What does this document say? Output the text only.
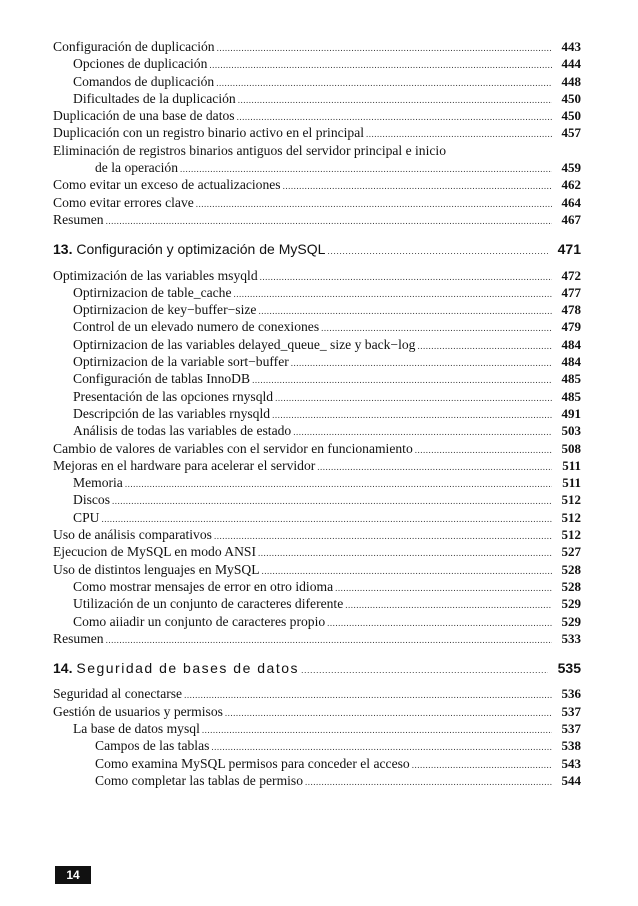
Configuración de duplicación .....	443
Opciones de duplicación .....	444
Comandos de duplicación .....	448
Dificultades de la duplicación .....	450
Duplicación de una base de datos .....	450
Duplicación con un registro binario activo en el principal .....	457
Eliminación de registros binarios antiguos del servidor principal e inicio
de la operación .....	459
Como evitar un exceso de actualizaciones .....	462
Como evitar errores clave .....	464
Resumen .....	467
13. Configuración y optimización de MySQL .....	471
Optimización de las variables msyqld .....	472
Optirnizacion de table_cache .....	477
Optirnizacion de key−buffer−size .....	478
Control de un elevado numero de conexiones .....	479
Optirnizacion de las variables delayed_queue_ size y back−log .....	484
Optirnizacion de la variable sort−buffer .....	484
Configuración de tablas InnoDB .....	485
Presentación de las opciones rnysqld .....	485
Descripción de las variables rnysqld .....	491
Análisis de todas las variables de estado .....	503
Cambio de valores de variables con el servidor en funcionamiento .....	508
Mejoras en el hardware para acelerar el servidor .....	511
Memoria .....	511
Discos .....	512
CPU .....	512
Uso de análisis comparativos .....	512
Ejecucion de MySQL en modo ANSI .....	527
Uso de distintos lenguajes en MySQL .....	528
Como mostrar mensajes de error en otro idioma .....	528
Utilización de un conjunto de caracteres diferente .....	529
Como aiiadir un conjunto de caracteres propio .....	529
Resumen .....	533
14. Seguridad de bases de datos .....	535
Seguridad al conectarse .....	536
Gestión de usuarios y permisos .....	537
La base de datos mysql .....	537
Campos de las tablas .....	538
Como examina MySQL permisos para conceder el acceso .....	543
Como completar las tablas de permiso .....	544
14
